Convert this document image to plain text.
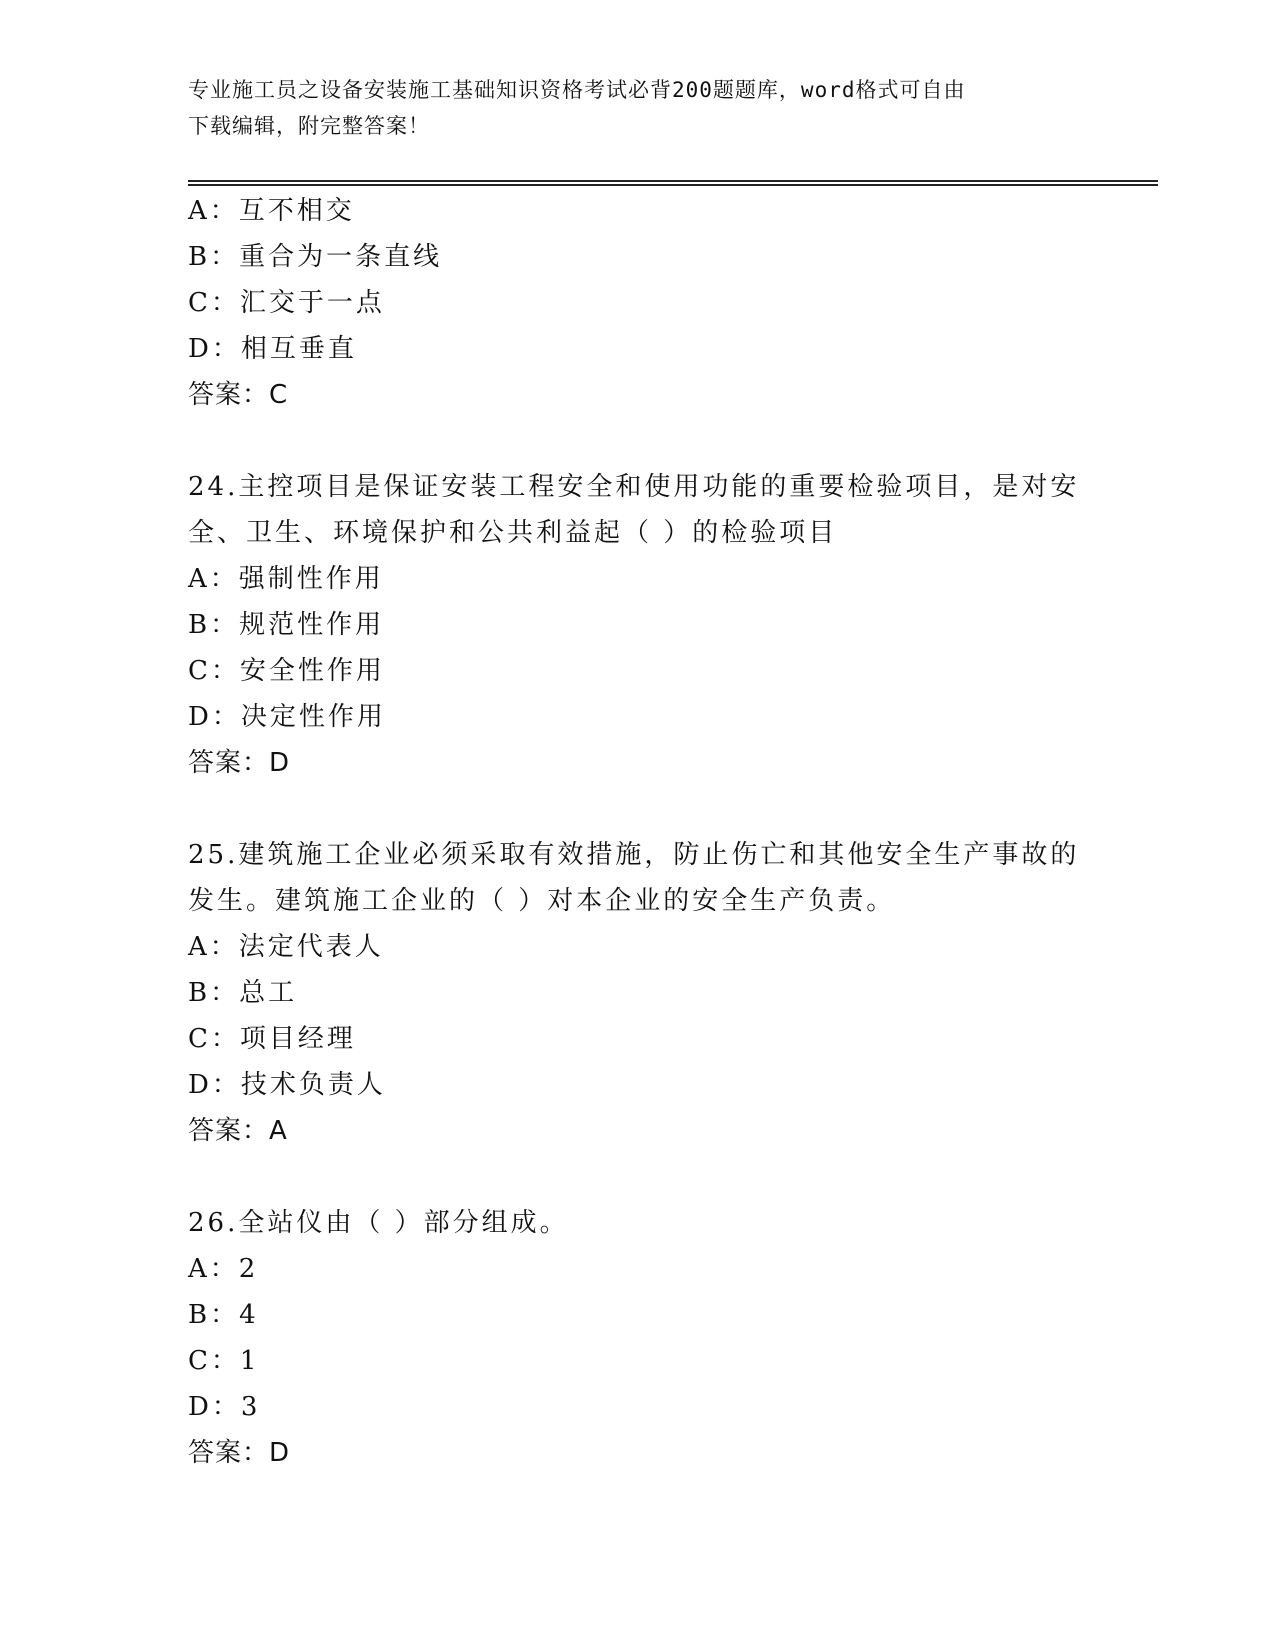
专业施工员之设备安装施工基础知识资格考试必背200题题库，word格式可自由
下载编辑，附完整答案！
A：互不相交
B：重合为一条直线
C：汇交于一点
D：相互垂直
答案：C
24.主控项目是保证安装工程安全和使用功能的重要检验项目，是对安
全、卫生、环境保护和公共利益起（ ）的检验项目
A：强制性作用
B：规范性作用
C：安全性作用
D：决定性作用
答案：D
25.建筑施工企业必须采取有效措施，防止伤亡和其他安全生产事故的
发生。建筑施工企业的（ ）对本企业的安全生产负责。
A：法定代表人
B：总工
C：项目经理
D：技术负责人
答案：A
26.全站仪由（ ）部分组成。
A：2
B：4
C：1
D：3
答案：D
